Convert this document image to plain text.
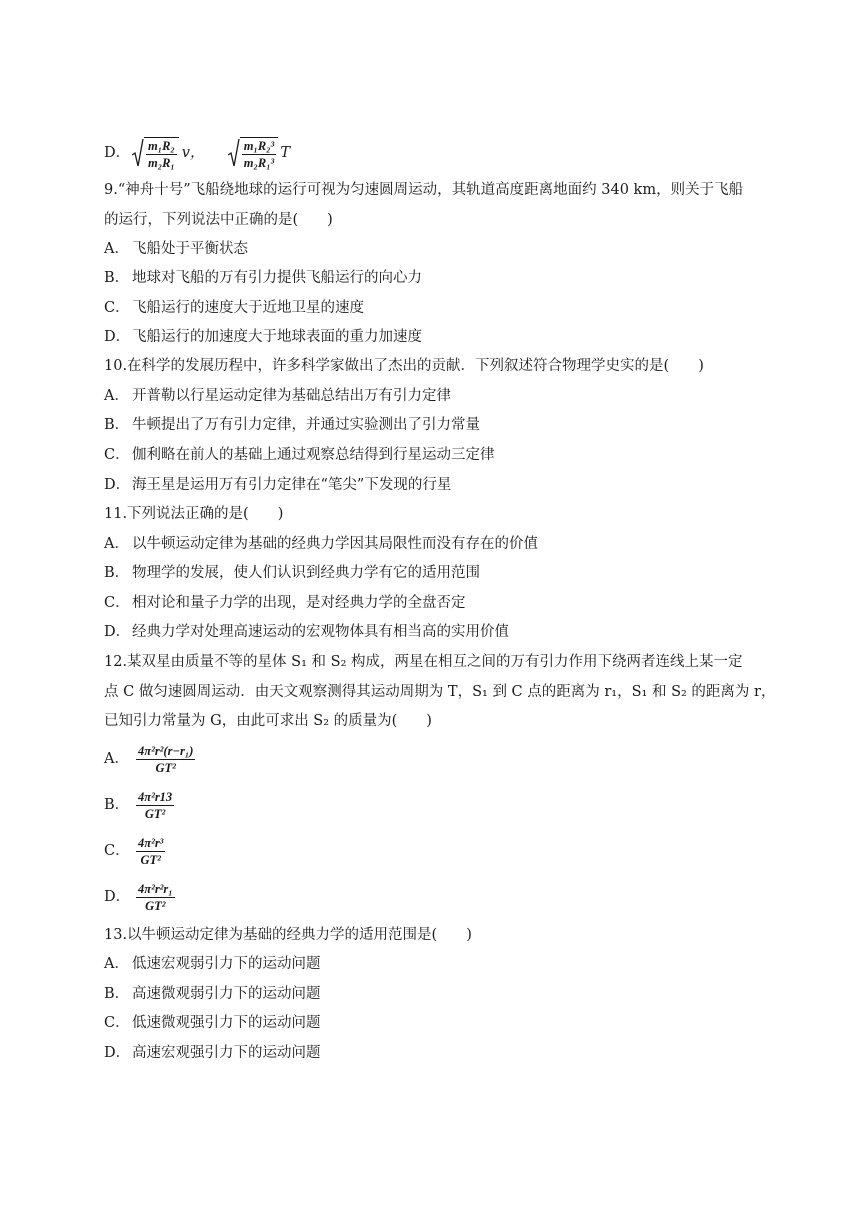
D． $\frac{\text{m₁R₂}}{\text{m₂R₁}}$ v，	$\frac{\text{m₁R₂³}}{\text{m₂R₁³}}$ T
9.“神舟十号”飞船绕地球的运行可视为匀速圆周运动，其轨道高度距离地面约 340 km，则关于飞船
的运行，下列说法中正确的是(　　)
A． 飞船处于平衡状态
B． 地球对飞船的万有引力提供飞船运行的向心力
C． 飞船运行的速度大于近地卫星的速度
D． 飞船运行的加速度大于地球表面的重力加速度
10.在科学的发展历程中，许多科学家做出了杰出的贡献．下列叙述符合物理学史实的是(　　)
A． 开普勒以行星运动定律为基础总结出万有引力定律
B． 牛顿提出了万有引力定律，并通过实验测出了引力常量
C． 伽利略在前人的基础上通过观察总结得到行星运动三定律
D． 海王星是运用万有引力定律在“笔尖”下发现的行星
11.下列说法正确的是(　　)
A． 以牛顿运动定律为基础的经典力学因其局限性而没有存在的价值
B． 物理学的发展，使人们认识到经典力学有它的适用范围
C． 相对论和量子力学的出现，是对经典力学的全盘否定
D． 经典力学对处理高速运动的宏观物体具有相当高的实用价值
12.某双星由质量不等的星体 S₁ 和 S₂ 构成，两星在相互之间的万有引力作用下绕两者连线上某一定
点 C 做匀速圆周运动．由天文观察测得其运动周期为 T，S₁ 到 C 点的距离为 r₁，S₁ 和 S₂ 的距离为 r，
已知引力常量为 G，由此可求出 S₂ 的质量为(　　)
A． $\frac{\text{4π²r²(r−r₁)}}{\text{GT²}}$
B． $\frac{\text{4π²r13}}{\text{GT²}}$
C． $\frac{\text{4π²r³}}{\text{GT²}}$
D． $\frac{\text{4π²r²r₁}}{\text{GT²}}$
13.以牛顿运动定律为基础的经典力学的适用范围是(　　)
A． 低速宏观弱引力下的运动问题
B． 高速微观弱引力下的运动问题
C． 低速微观强引力下的运动问题
D． 高速宏观强引力下的运动问题
